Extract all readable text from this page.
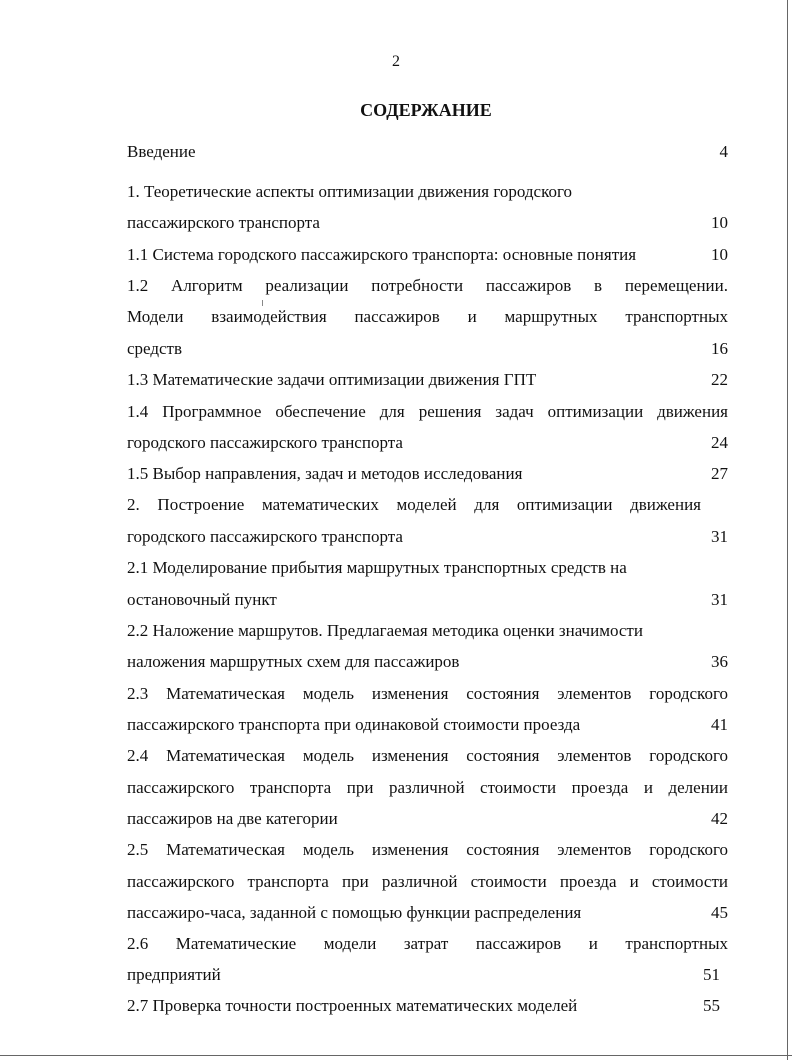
2
СОДЕРЖАНИЕ
Введение	4
1. Теоретические аспекты оптимизации движения городского
пассажирского транспорта	10
1.1 Система городского пассажирского транспорта: основные понятия	10
1.2 Алгоритм реализации потребности пассажиров в перемещении.
Модели взаимодействия пассажиров и маршрутных транспортных
средств	16
1.3 Математические задачи оптимизации движения ГПТ	22
1.4 Программное обеспечение для решения задач оптимизации движения
городского пассажирского транспорта	24
1.5 Выбор направления, задач и методов исследования	27
2. Построение математических моделей для оптимизации движения
городского пассажирского транспорта	31
2.1 Моделирование прибытия маршрутных транспортных средств на
остановочный пункт	31
2.2 Наложение маршрутов. Предлагаемая методика оценки значимости
наложения маршрутных схем для пассажиров	36
2.3 Математическая модель изменения состояния элементов городского
пассажирского транспорта при одинаковой стоимости проезда	41
2.4 Математическая модель изменения состояния элементов городского
пассажирского транспорта при различной стоимости проезда и делении
пассажиров на две категории	42
2.5 Математическая модель изменения состояния элементов городского
пассажирского транспорта при различной стоимости проезда и стоимости
пассажиро-часа, заданной с помощью функции распределения	45
2.6 Математические модели затрат пассажиров и транспортных
предприятий	51
2.7 Проверка точности построенных математических моделей	55
